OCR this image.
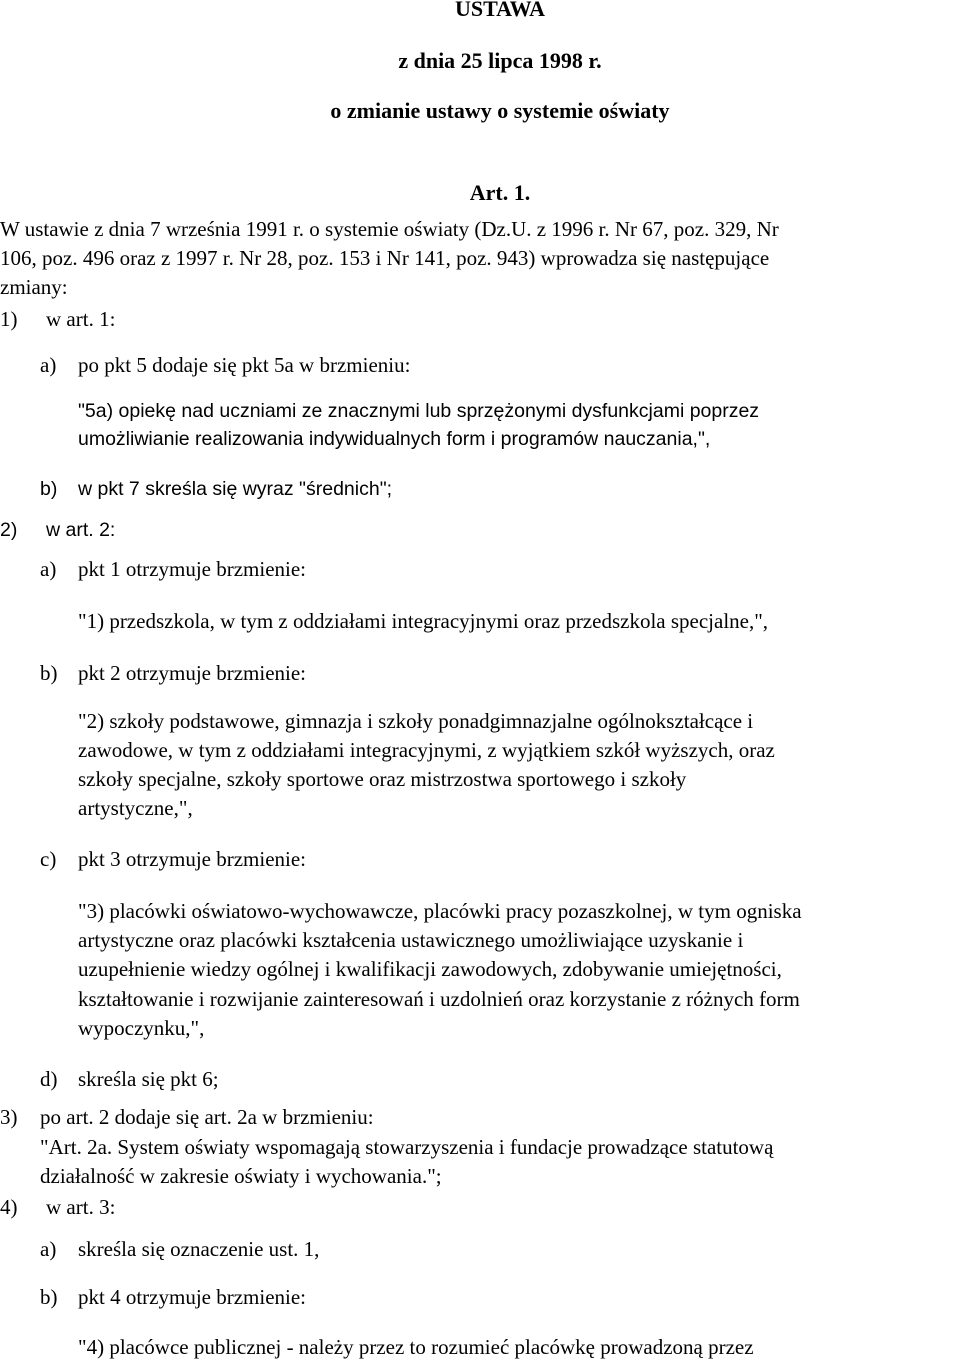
USTAWA
z dnia 25 lipca 1998 r.
o zmianie ustawy o systemie oświaty
Art. 1.
W ustawie z dnia 7 września 1991 r. o systemie oświaty (Dz.U. z 1996 r. Nr 67, poz. 329, Nr
106, poz. 496 oraz z 1997 r. Nr 28, poz. 153 i Nr 141, poz. 943) wprowadza się następujące
zmiany:
1) w art. 1:
a) po pkt 5 dodaje się pkt 5a w brzmieniu:
"5a) opiekę nad uczniami ze znacznymi lub sprzężonymi dysfunkcjami poprzez
umożliwianie realizowania indywidualnych form i programów nauczania,",
b) w pkt 7 skreśla się wyraz "średnich";
2) w art. 2:
a) pkt 1 otrzymuje brzmienie:
"1) przedszkola, w tym z oddziałami integracyjnymi oraz przedszkola specjalne,",
b) pkt 2 otrzymuje brzmienie:
"2) szkoły podstawowe, gimnazja i szkoły ponadgimnazjalne ogólnokształcące i
zawodowe, w tym z oddziałami integracyjnymi, z wyjątkiem szkół wyższych, oraz
szkoły specjalne, szkoły sportowe oraz mistrzostwa sportowego i szkoły
artystyczne,",
c) pkt 3 otrzymuje brzmienie:
"3) placówki oświatowo-wychowawcze, placówki pracy pozaszkolnej, w tym ogniska
artystyczne oraz placówki kształcenia ustawicznego umożliwiające uzyskanie i
uzupełnienie wiedzy ogólnej i kwalifikacji zawodowych, zdobywanie umiejętności,
kształtowanie i rozwijanie zainteresowań i uzdolnień oraz korzystanie z różnych form
wypoczynku,",
d) skreśla się pkt 6;
3) po art. 2 dodaje się art. 2a w brzmieniu:
"Art. 2a. System oświaty wspomagają stowarzyszenia i fundacje prowadzące statutową
działalność w zakresie oświaty i wychowania.";
4) w art. 3:
a) skreśla się oznaczenie ust. 1,
b) pkt 4 otrzymuje brzmienie:
"4) placówce publicznej - należy przez to rozumieć placówkę prowadzoną przez
